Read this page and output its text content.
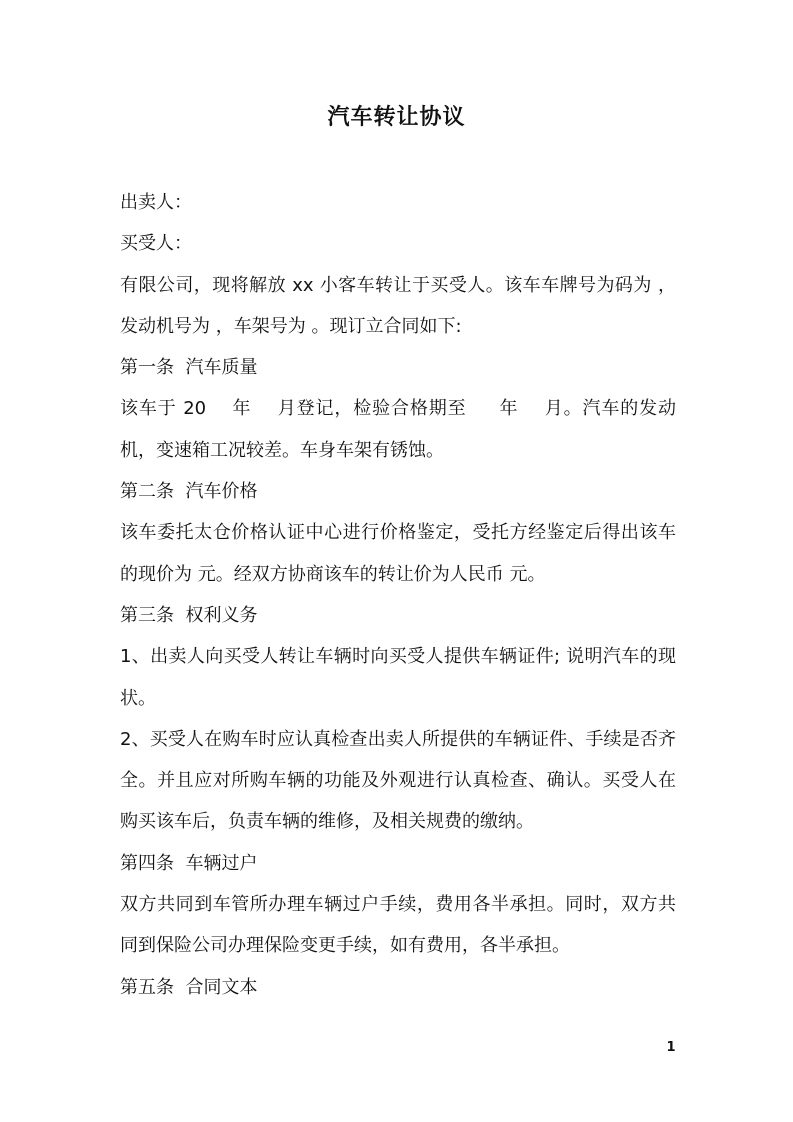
汽车转让协议

出卖人：

买受人：

有限公司，现将解放 xx 小客车转让于买受人。该车车牌号为码为 ，发动机号为 ，车架号为 。现订立合同如下:

第一条  汽车质量

该车于 20    年    月登记，检验合格期至     年    月。汽车的发动机，变速箱工况较差。车身车架有锈蚀。

第二条  汽车价格

该车委托太仓价格认证中心进行价格鉴定，受托方经鉴定后得出该车的现价为 元。经双方协商该车的转让价为人民币 元。

第三条  权利义务

1、出卖人向买受人转让车辆时向买受人提供车辆证件; 说明汽车的现状。

2、买受人在购车时应认真检查出卖人所提供的车辆证件、手续是否齐全。并且应对所购车辆的功能及外观进行认真检查、确认。买受人在购买该车后，负责车辆的维修，及相关规费的缴纳。

第四条  车辆过户

双方共同到车管所办理车辆过户手续，费用各半承担。同时，双方共同到保险公司办理保险变更手续，如有费用，各半承担。

第五条  合同文本

1
